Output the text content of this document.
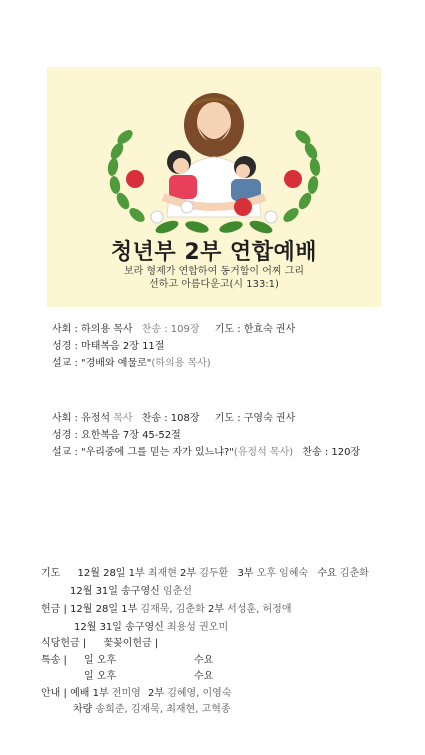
청년부 2부 연합예배
보라 형제가 연합하여 동거함이 어찌 그리
선하고 아름다운고(시 133:1)
사회 : 하의용 목사 찬송 : 109장 기도 : 한효숙 권사
성경 : 마태복음 2장 11절
설교 : "경배와 예물로"(하의용 목사)
사회 : 유정석 목사 찬송 : 108장 기도 : 구영숙 권사
성경 : 요한복음 7장 45-52절
설교 : "우리중에 그를 믿는 자가 있느냐?"(유정석 목사) 찬송 : 120장
기도 12월 28일 1부 최재현 2부 김두환 3부 오후 임혜숙 수요 김춘화
12월 31일 송구영신 임춘선
헌금 | 12월 28일 1부 김재묵, 김춘화 2부 서성훈, 허정애
12월 31일 송구영신 최용성 권오미
식당헌금 | 꽃꽂이헌금 |
특송 | 일 오후	수요
일 오후	수요
안내 | 예배 1부 전미영 2부 김혜영, 이영숙
차량 송희준, 김재묵, 최재현, 고혁종
